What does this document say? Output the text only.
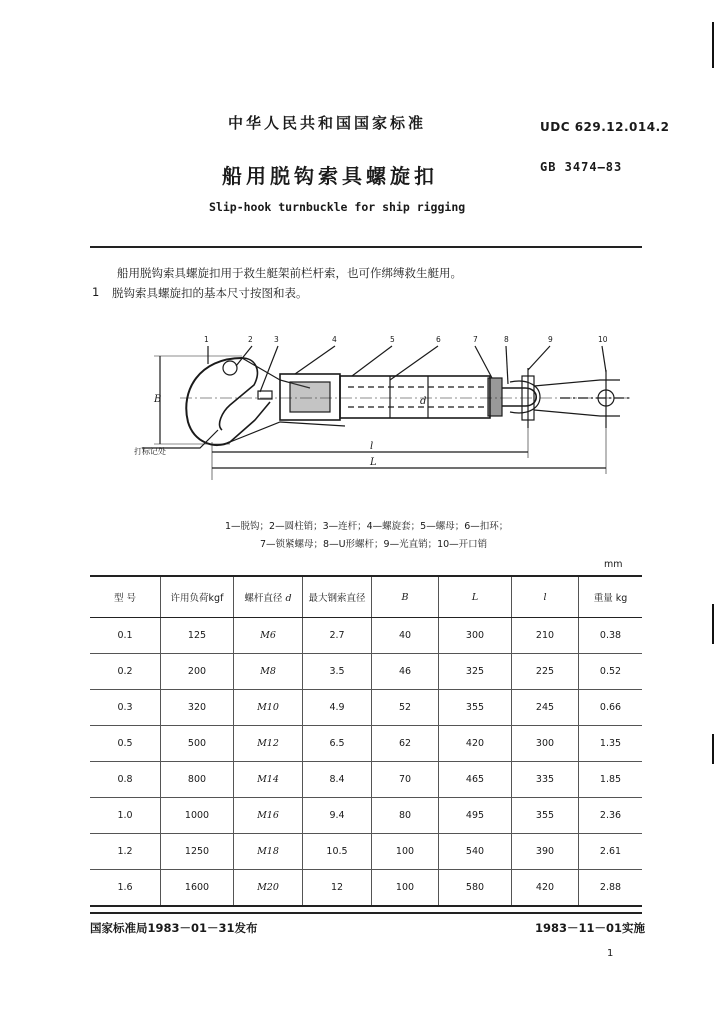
中华人民共和国国家标准	UDC 629.12.014.2
船用脱钩索具螺旋扣	GB 3474—83
Slip-hook turnbuckle for ship rigging
船用脱钩索具螺旋扣用于救生艇架前栏杆索，也可作绑缚救生艇用。
1 脱钩索具螺旋扣的基本尺寸按图和表。
1	2	3	4	5	6	7	8	9	10
B	d
l
L
打标记处
1—脱钩；2—圆柱销；3—连杆；4—螺旋套；5—螺母；6—扣环；
7—锁紧螺母；8—U形螺杆；9—光直销；10—开口销
mm
型 号	许用负荷kgf	螺杆直径 d	最大钢索直径	B	L	l	重量 kg
0.1	125	M6	2.7	40	300	210	0.38
0.2	200	M8	3.5	46	325	225	0.52
0.3	320	M10	4.9	52	355	245	0.66
0.5	500	M12	6.5	62	420	300	1.35
0.8	800	M14	8.4	70	465	335	1.85
1.0	1000	M16	9.4	80	495	355	2.36
1.2	1250	M18	10.5	100	540	390	2.61
1.6	1600	M20	12	100	580	420	2.88
国家标准局1983－01－31发布	1983－11－01实施
1
